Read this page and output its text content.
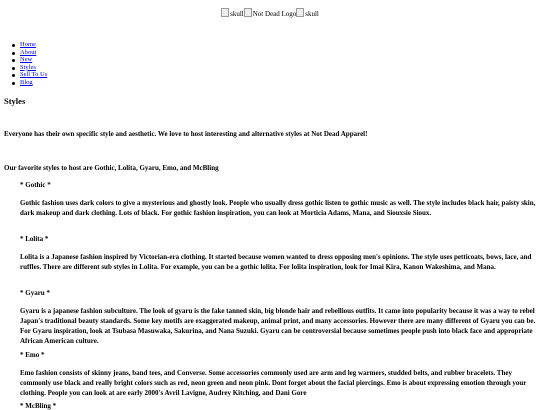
skull Not Dead Logo skull
Home
About
New
Styles
Sell To Us
Blog
Styles

Everyone has their own specific style and aesthetic. We love to host interesting and alternative styles at Not Dead Apparel!

Our favorite styles to host are Gothic, Lolita, Gyaru, Emo, and McBling

* Gothic *

Gothic fashion uses dark colors to give a mysterious and ghostly look. People who usually dress gothic listen to gothic music as well. The style includes black hair, paisty skin, dark makeup and dark clothing. Lots of black. For gothic fashion inspiration, you can look at Morticia Adams, Mana, and Siouxsie Sioux.

* Lolita *

Lolita is a Japanese fashion inspired by Victorian-era clothing. It started because women wanted to dress opposing men's opinions. The style uses petticoats, bows, lace, and ruffles. There are different sub styles in Lolita. For example, you can be a gothic lolita. For lolita inspiration, look for Imai Kira, Kanon Wakeshima, and Mana.

* Gyaru *

Gyaru is a japanese fashion subculture. The look of gyaru is the fake tanned skin, big blonde hair and rebellious outfits. It came into popularity because it was a way to rebel Japan's traditional beauty standards. Some key motifs are exaggerated makeup, animal print, and many accessories. However there are many different of Gyaru you can be. For Gyaru inspiration, look at Tsubasa Masuwaka, Sakurina, and Nana Suzuki. Gyaru can be controversial because sometimes people push into black face and appropriate African American culture.

* Emo *

Emo fashion consists of skinny jeans, band tees, and Converse. Some accessories commonly used are arm and leg warmers, studded belts, and rubber bracelets. They commonly use black and really bright colors such as red, neon green and neon pink. Dont forget about the facial piercings. Emo is about expressing emotion through your clothing. People you can look at are early 2000's Avril Lavigne, Audrey Kitching, and Dani Gore

* McBling *
